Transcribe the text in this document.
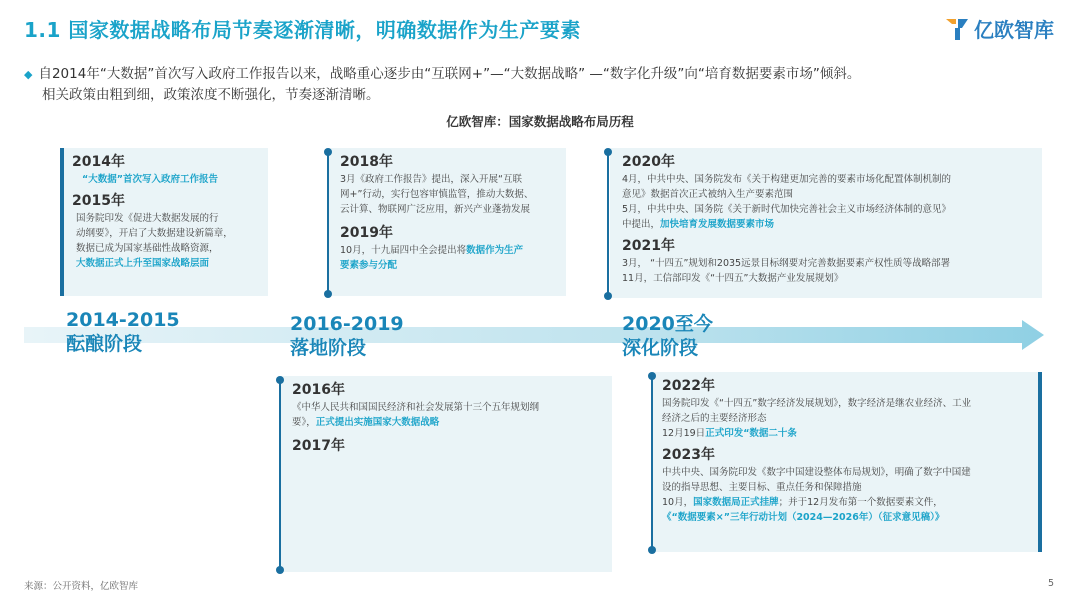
1.1 国家数据战略布局节奏逐渐清晰，明确数据作为生产要素	亿欧智库
◆ 自2014年“大数据”首次写入政府工作报告以来，战略重心逐步由“互联网+”—“大数据战略” —“数字化升级”向“培育数据要素市场”倾斜。
相关政策由粗到细，政策浓度不断强化，节奏逐渐清晰。
亿欧智库：国家数据战略布局历程
2014-2015
酝酿阶段
2016-2019
落地阶段
2020至今
深化阶段
2014年
“大数据”首次写入政府工作报告
2015年
国务院印发《促进大数据发展的行
动纲要》，开启了大数据建设新篇章，
数据已成为国家基础性战略资源，
大数据正式上升至国家战略层面
2018年
3月《政府工作报告》提出，深入开展“互联
网+”行动，实行包容审慎监管，推动大数据、
云计算、物联网广泛应用，新兴产业蓬勃发展
2019年
10月，十九届四中全会提出将数据作为生产
要素参与分配
2020年
4月，中共中央、国务院发布《关于构建更加完善的要素市场化配置体制机制的
意见》数据首次正式被纳入生产要素范围
5月，中共中央、国务院《关于新时代加快完善社会主义市场经济体制的意见》
中提出，加快培育发展数据要素市场
2021年
3月， “十四五”规划和2035远景目标纲要对完善数据要素产权性质等战略部署
11月，工信部印发《“十四五”大数据产业发展规划》
2016年
《中华人民共和国国民经济和社会发展第十三个五年规划纲
要》，正式提出实施国家大数据战略
2017年
2022年
国务院印发《“十四五”数字经济发展规划》，数字经济是继农业经济、工业
经济之后的主要经济形态
12月19日正式印发“数据二十条
2023年
中共中央、国务院印发《数字中国建设整体布局规划》，明确了数字中国建
设的指导思想、主要目标、重点任务和保障措施
10月，国家数据局正式挂牌；并于12月发布第一个数据要素文件，
《“数据要素×”三年行动计划（2024—2026年）（征求意见稿）》
来源：公开资料，亿欧智库	5
